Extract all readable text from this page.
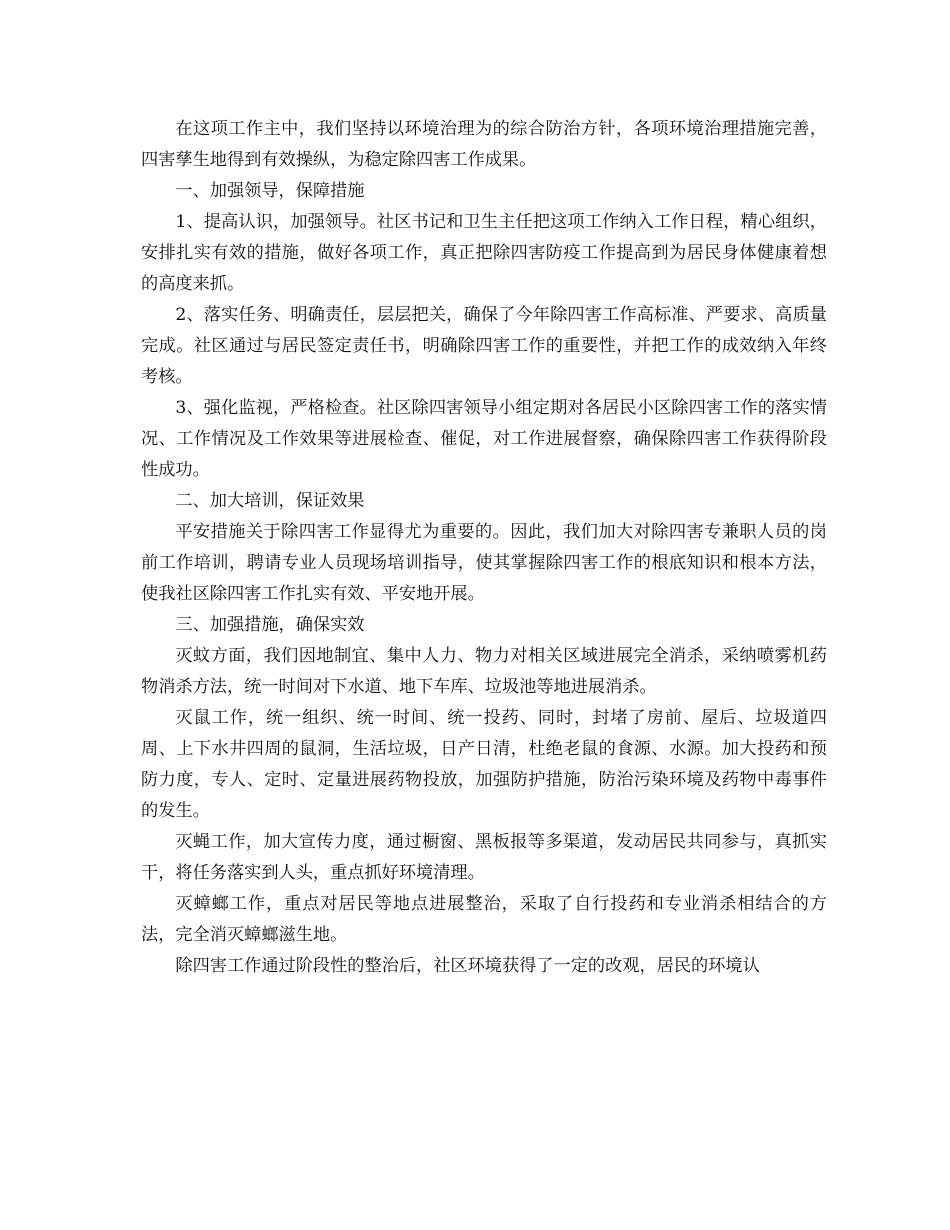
在这项工作主中，我们坚持以环境治理为的综合防治方针，各项环境治理措施完善，四害孳生地得到有效操纵，为稳定除四害工作成果。

一、加强领导，保障措施

1、提高认识，加强领导。社区书记和卫生主任把这项工作纳入工作日程，精心组织，安排扎实有效的措施，做好各项工作，真正把除四害防疫工作提高到为居民身体健康着想的高度来抓。

2、落实任务、明确责任，层层把关，确保了今年除四害工作高标准、严要求、高质量完成。社区通过与居民签定责任书，明确除四害工作的重要性，并把工作的成效纳入年终考核。

3、强化监视，严格检查。社区除四害领导小组定期对各居民小区除四害工作的落实情况、工作情况及工作效果等进展检查、催促，对工作进展督察，确保除四害工作获得阶段性成功。

二、加大培训，保证效果

平安措施关于除四害工作显得尤为重要的。因此，我们加大对除四害专兼职人员的岗前工作培训，聘请专业人员现场培训指导，使其掌握除四害工作的根底知识和根本方法，使我社区除四害工作扎实有效、平安地开展。

三、加强措施，确保实效

灭蚊方面，我们因地制宜、集中人力、物力对相关区域进展完全消杀，采纳喷雾机药物消杀方法，统一时间对下水道、地下车库、垃圾池等地进展消杀。

灭鼠工作，统一组织、统一时间、统一投药、同时，封堵了房前、屋后、垃圾道四周、上下水井四周的鼠洞，生活垃圾，日产日清，杜绝老鼠的食源、水源。加大投药和预防力度，专人、定时、定量进展药物投放，加强防护措施，防治污染环境及药物中毒事件的发生。

灭蝇工作，加大宣传力度，通过橱窗、黑板报等多渠道，发动居民共同参与，真抓实干，将任务落实到人头，重点抓好环境清理。

灭蟑螂工作，重点对居民等地点进展整治，采取了自行投药和专业消杀相结合的方法，完全消灭蟑螂滋生地。

除四害工作通过阶段性的整治后，社区环境获得了一定的改观，居民的环境认
